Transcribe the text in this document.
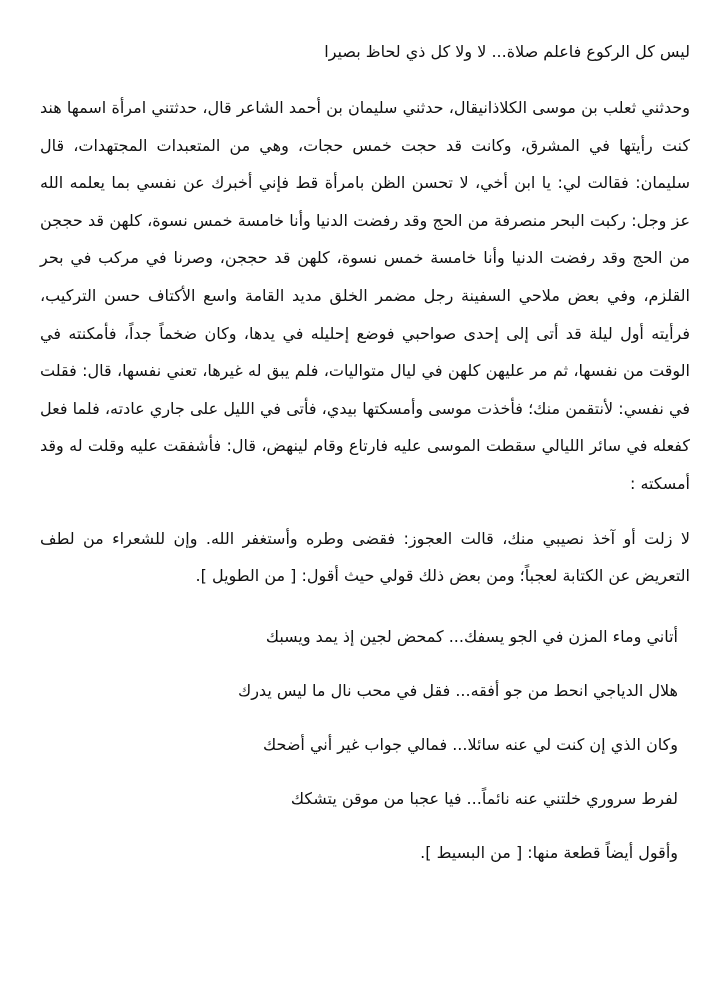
ليس كل الركوع فاعلم صلاة... لا ولا كل ذي لحاظ بصيرا

وحدثني ثعلب بن موسى الكلاذانيقال، حدثني سليمان بن أحمد الشاعر قال، حدثتني امرأة اسمها هند كنت رأيتها في المشرق، وكانت قد حجت خمس حجات، وهي من المتعبدات المجتهدات، قال سليمان: فقالت لي: يا ابن أخي، لا تحسن الظن بامرأة قط فإني أخبرك عن نفسي بما يعلمه الله عز وجل: ركبت البحر منصرفة من الحج وقد رفضت الدنيا وأنا خامسة خمس نسوة، كلهن قد حججن من الحج وقد رفضت الدنيا وأنا خامسة خمس نسوة، كلهن قد حججن، وصرنا في مركب في بحر القلزم، وفي بعض ملاحي السفينة رجل مضمر الخلق مديد القامة واسع الأكتاف حسن التركيب، فرأيته أول ليلة قد أتى إلى إحدى صواحبي فوضع إحليله في يدها، وكان ضخماً جداً، فأمكنته في الوقت من نفسها، ثم مر عليهن كلهن في ليال متواليات، فلم يبق له غيرها، تعني نفسها، قال: فقلت في نفسي: لأنتقمن منك؛ فأخذت موسى وأمسكتها بيدي، فأتى في الليل على جاري عادته، فلما فعل كفعله في سائر الليالي سقطت الموسى عليه فارتاع وقام لينهض، قال: فأشفقت عليه وقلت له وقد أمسكته :

لا زلت أو آخذ نصيبي منك، قالت العجوز: فقضى وطره وأستغفر الله. وإن للشعراء من لطف التعريض عن الكتابة لعجباً؛ ومن بعض ذلك قولي حيث أقول: [ من الطويل ].

أتاني وماء المزن في الجو يسفك... كمحض لجين إذ يمد ويسبك

هلال الدياجي انحط من جو أفقه... فقل في محب نال ما ليس يدرك

وكان الذي إن كنت لي عنه سائلا... فمالي جواب غير أني أضحك

لفرط سروري خلتني عنه نائماً... فيا عجبا من موقن يتشكك

وأقول أيضاً قطعة منها: [ من البسيط ].
